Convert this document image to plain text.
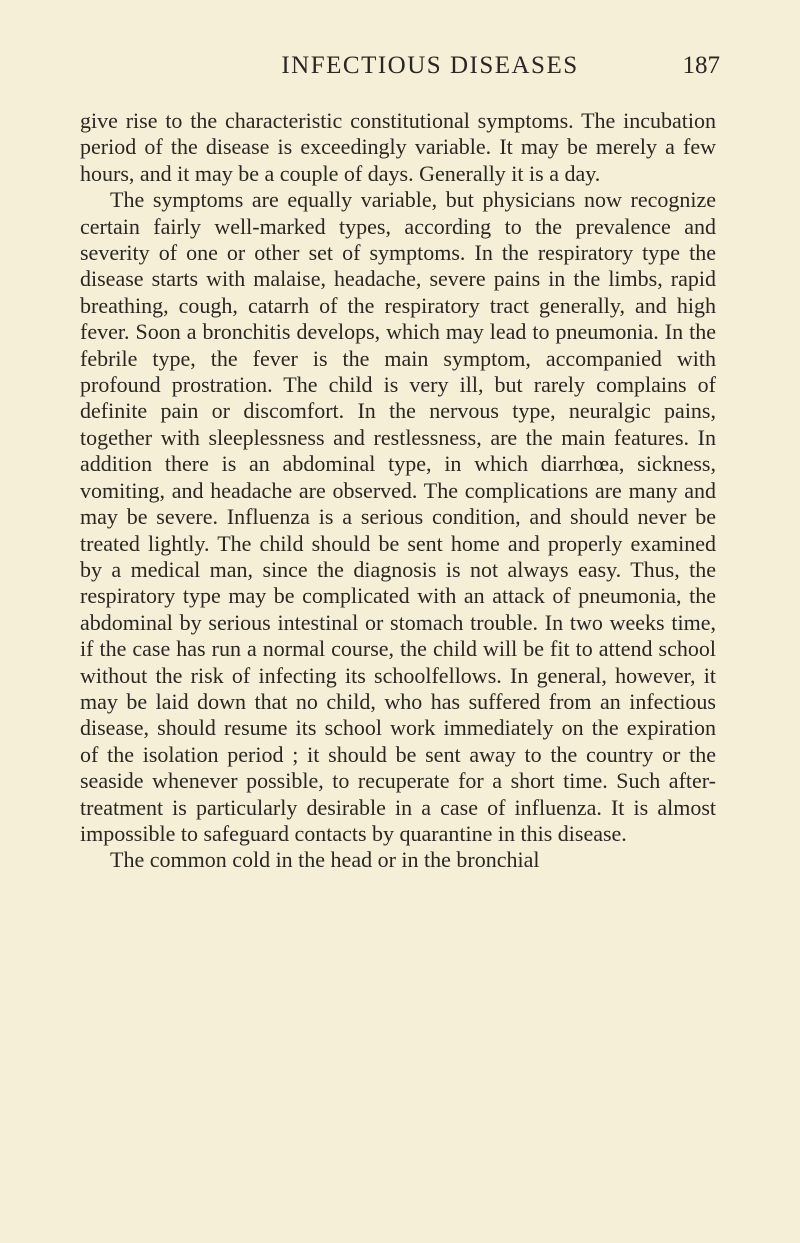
INFECTIOUS DISEASES	187

give rise to the characteristic constitutional symptoms. The incubation period of the disease is exceedingly variable. It may be merely a few hours, and it may be a couple of days. Generally it is a day.

The symptoms are equally variable, but physicians now recognize certain fairly well-marked types, according to the prevalence and severity of one or other set of symptoms. In the respiratory type the disease starts with malaise, headache, severe pains in the limbs, rapid breathing, cough, catarrh of the respiratory tract generally, and high fever. Soon a bronchitis develops, which may lead to pneumonia. In the febrile type, the fever is the main symptom, accompanied with profound prostration. The child is very ill, but rarely complains of definite pain or discomfort. In the nervous type, neuralgic pains, together with sleeplessness and restlessness, are the main features. In addition there is an abdominal type, in which diarrhœa, sickness, vomiting, and headache are observed. The complications are many and may be severe. Influenza is a serious condition, and should never be treated lightly. The child should be sent home and properly examined by a medical man, since the diagnosis is not always easy. Thus, the respiratory type may be complicated with an attack of pneumonia, the abdominal by serious intestinal or stomach trouble. In two weeks time, if the case has run a normal course, the child will be fit to attend school without the risk of infecting its schoolfellows. In general, however, it may be laid down that no child, who has suffered from an infectious disease, should resume its school work immediately on the expiration of the isolation period ; it should be sent away to the country or the seaside whenever possible, to recuperate for a short time. Such after-treatment is particularly desirable in a case of influenza. It is almost impossible to safeguard contacts by quarantine in this disease.

The common cold in the head or in the bronchial
